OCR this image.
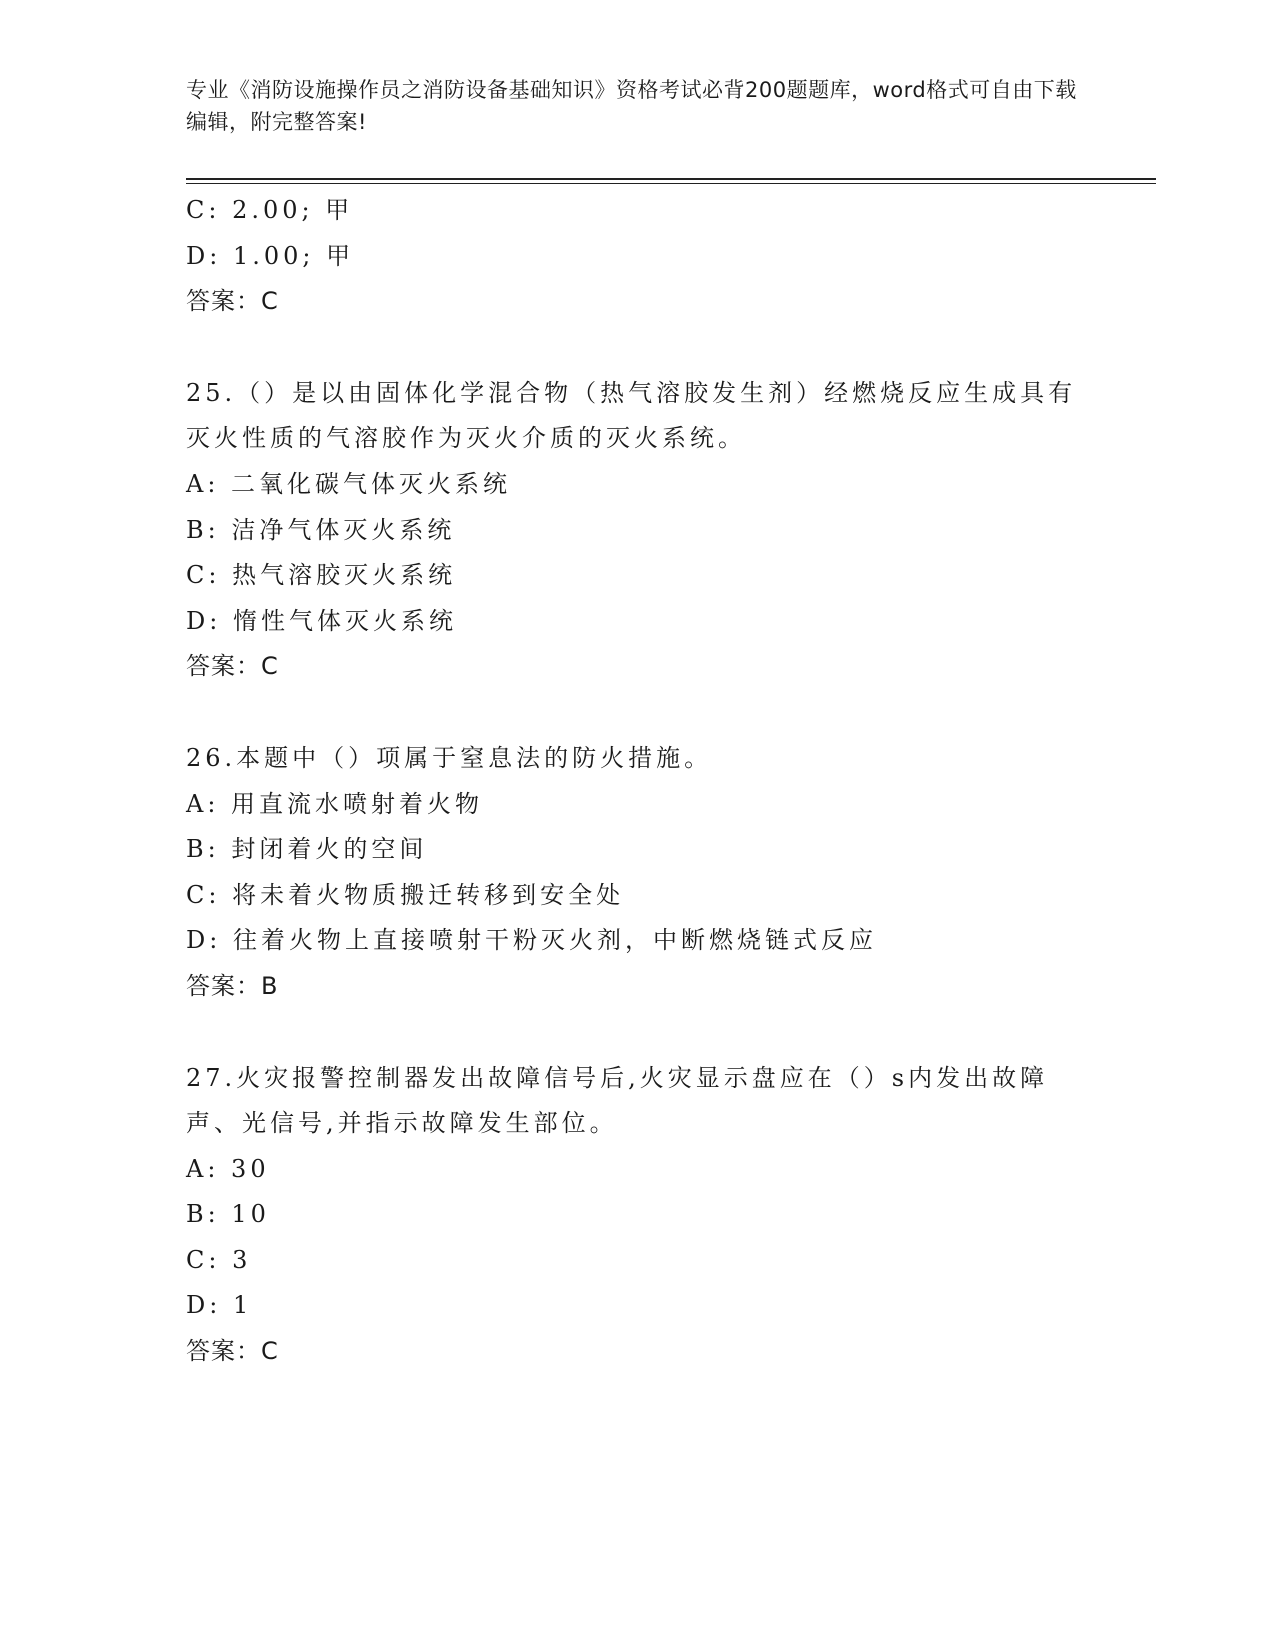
专业《消防设施操作员之消防设备基础知识》资格考试必背200题题库，word格式可自由下载编辑，附完整答案!
C: 2.00; 甲
D: 1.00; 甲
答案：C
25.（）是以由固体化学混合物（热气溶胶发生剂）经燃烧反应生成具有灭火性质的气溶胶作为灭火介质的灭火系统。
A: 二氧化碳气体灭火系统
B: 洁净气体灭火系统
C: 热气溶胶灭火系统
D: 惰性气体灭火系统
答案：C
26.本题中（）项属于窒息法的防火措施。
A: 用直流水喷射着火物
B: 封闭着火的空间
C: 将未着火物质搬迁转移到安全处
D: 往着火物上直接喷射干粉灭火剂，中断燃烧链式反应
答案：B
27.火灾报警控制器发出故障信号后,火灾显示盘应在（）s内发出故障声、光信号,并指示故障发生部位。
A: 30
B: 10
C: 3
D: 1
答案：C
